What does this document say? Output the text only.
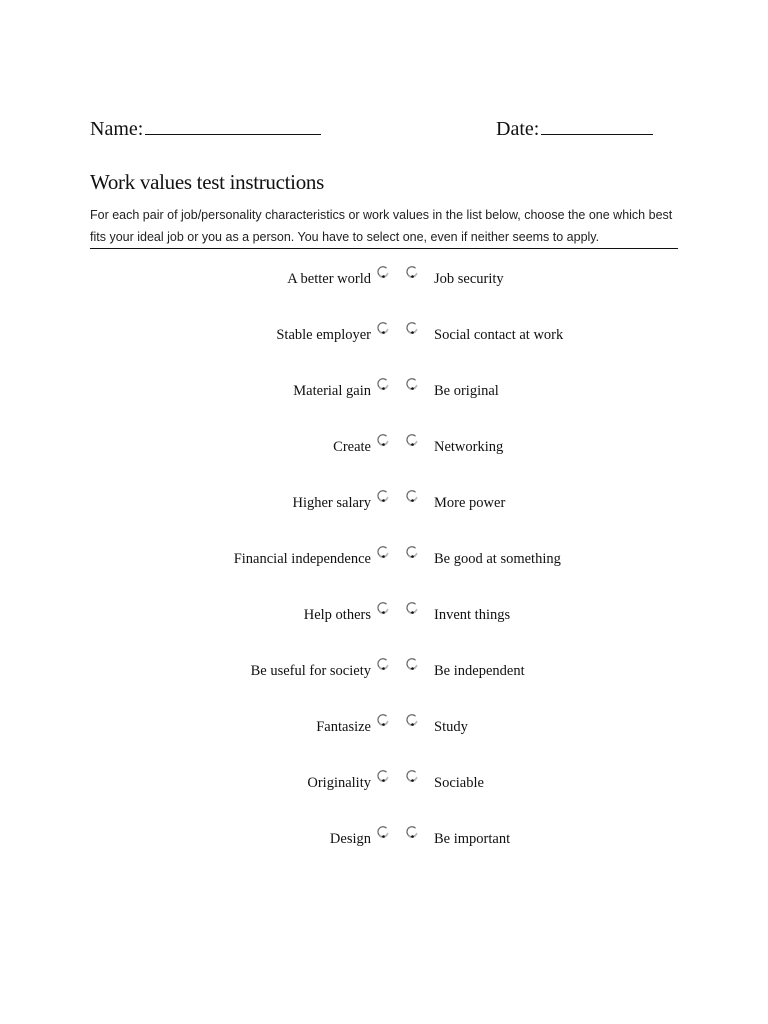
Name:	Date:
Work values test instructions
For each pair of job/personality characteristics or work values in the list below, choose the one which best fits your ideal job or you as a person. You have to select one, even if neither seems to apply.
A better world	Job security
Stable employer	Social contact at work
Material gain	Be original
Create	Networking
Higher salary	More power
Financial independence	Be good at something
Help others	Invent things
Be useful for society	Be independent
Fantasize	Study
Originality	Sociable
Design	Be important
